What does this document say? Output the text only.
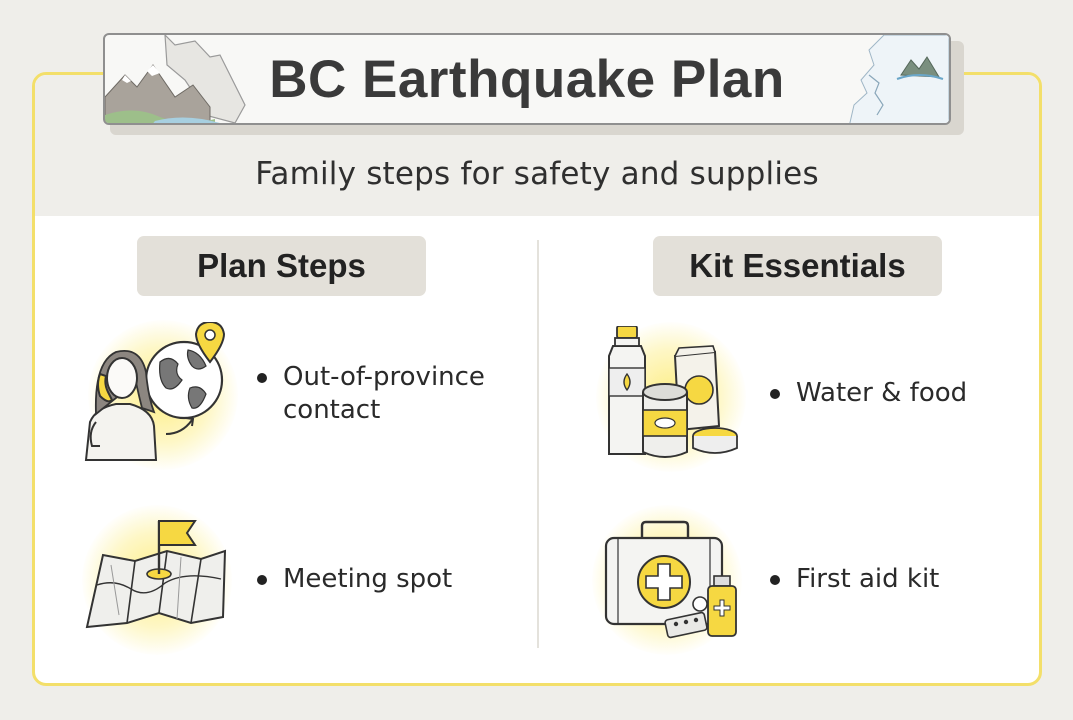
Family steps for safety and supplies
BC Earthquake Plan
Plan Steps	Kit Essentials
Out-of-province contact
Meeting spot
Water & food
First aid kit
